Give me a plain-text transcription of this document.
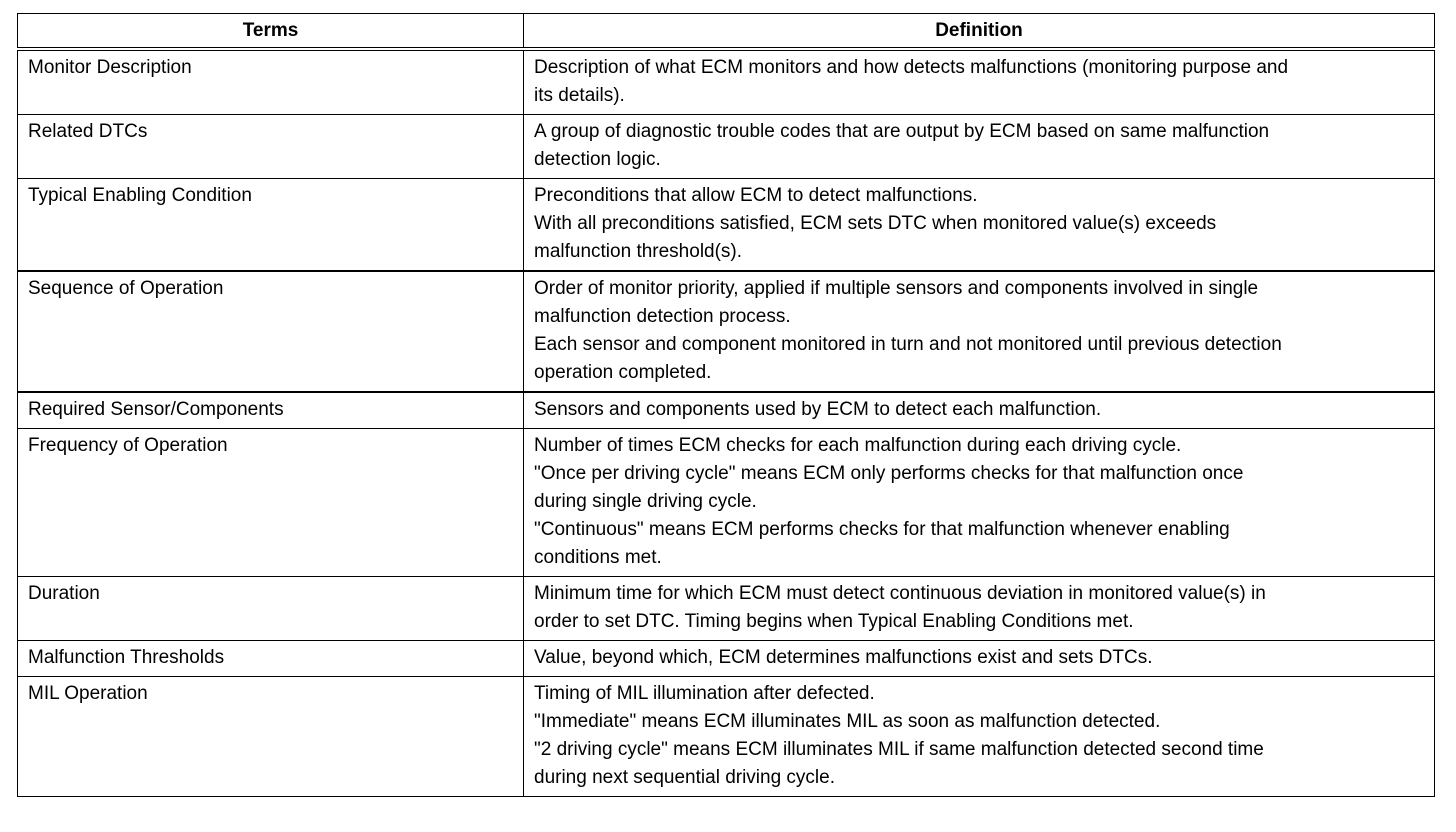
Terms	Definition
Monitor Description	Description of what ECM monitors and how detects malfunctions (monitoring purpose and
its details).

Related DTCs	A group of diagnostic trouble codes that are output by ECM based on same malfunction
detection logic.

Typical Enabling Condition	Preconditions that allow ECM to detect malfunctions.
With all preconditions satisfied, ECM sets DTC when monitored value(s) exceeds
malfunction threshold(s).

Sequence of Operation	Order of monitor priority, applied if multiple sensors and components involved in single
malfunction detection process.
Each sensor and component monitored in turn and not monitored until previous detection
operation completed.

Required Sensor/Components	Sensors and components used by ECM to detect each malfunction.

Frequency of Operation	Number of times ECM checks for each malfunction during each driving cycle.
"Once per driving cycle" means ECM only performs checks for that malfunction once
during single driving cycle.
"Continuous" means ECM performs checks for that malfunction whenever enabling
conditions met.

Duration	Minimum time for which ECM must detect continuous deviation in monitored value(s) in
order to set DTC. Timing begins when Typical Enabling Conditions met.

Malfunction Thresholds	Value, beyond which, ECM determines malfunctions exist and sets DTCs.

MIL Operation	Timing of MIL illumination after defected.
"Immediate" means ECM illuminates MIL as soon as malfunction detected.
"2 driving cycle" means ECM illuminates MIL if same malfunction detected second time
during next sequential driving cycle.
